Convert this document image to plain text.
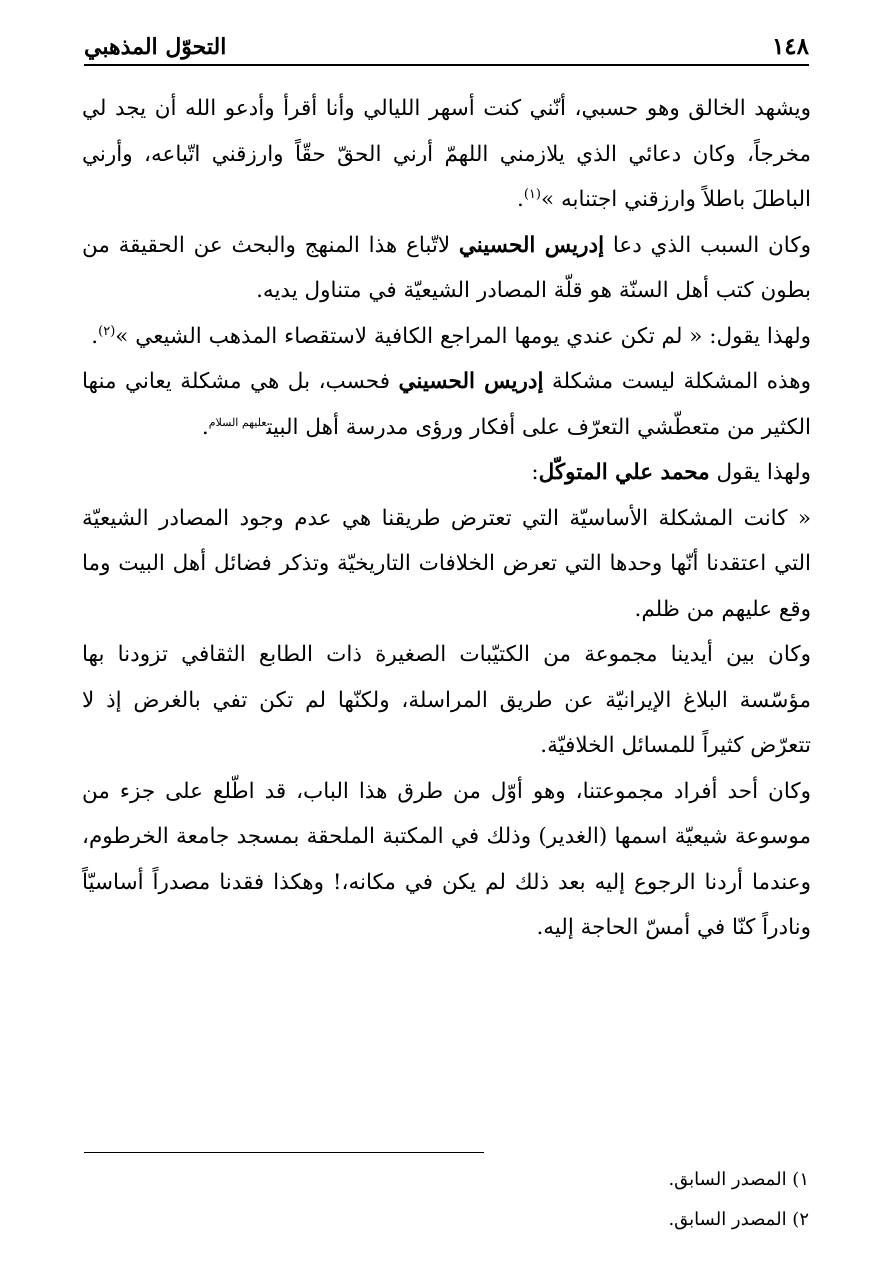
١٤٨
التحوّل المذهبي

ويشهد الخالق وهو حسبي، أنّني كنت أسهر الليالي وأنا أقرأ وأدعو الله أن يجد لي مخرجاً، وكان دعائي الذي يلازمني اللهمّ أرني الحقّ حقّاً وارزقني اتّباعه، وأرني الباطلَ باطلاً وارزقني اجتنابه »$^{(١)}$.

وكان السبب الذي دعا إدريس الحسيني لاتّباع هذا المنهج والبحث عن الحقيقة من بطون كتب أهل السنّة هو قلّة المصادر الشيعيّة في متناول يديه.

ولهذا يقول: « لم تكن عندي يومها المراجع الكافية لاستقصاء المذهب الشيعي »$^{(٢)}$.

وهذه المشكلة ليست مشكلة إدريس الحسيني فحسب، بل هي مشكلة يعاني منها الكثير من متعطّشي التعرّف على أفكار ورؤى مدرسة أهل البيت$^{عليهم السلام}$.

ولهذا يقول محمد علي المتوكّل:

« كانت المشكلة الأساسيّة التي تعترض طريقنا هي عدم وجود المصادر الشيعيّة التي اعتقدنا أنّها وحدها التي تعرض الخلافات التاريخيّة وتذكر فضائل أهل البيت وما وقع عليهم من ظلم.

وكان بين أيدينا مجموعة من الكتيّبات الصغيرة ذات الطابع الثقافي تزودنا بها مؤسّسة البلاغ الإيرانيّة عن طريق المراسلة، ولكنّها لم تكن تفي بالغرض إذ لا تتعرّض كثيراً للمسائل الخلافيّة.

وكان أحد أفراد مجموعتنا، وهو أوّل من طرق هذا الباب، قد اطّلع على جزء من موسوعة شيعيّة اسمها (الغدير) وذلك في المكتبة الملحقة بمسجد جامعة الخرطوم، وعندما أردنا الرجوع إليه بعد ذلك لم يكن في مكانه،! وهكذا فقدنا مصدراً أساسيّاً ونادراً كنّا في أمسّ الحاجة إليه.

١) المصدر السابق.
٢) المصدر السابق.
